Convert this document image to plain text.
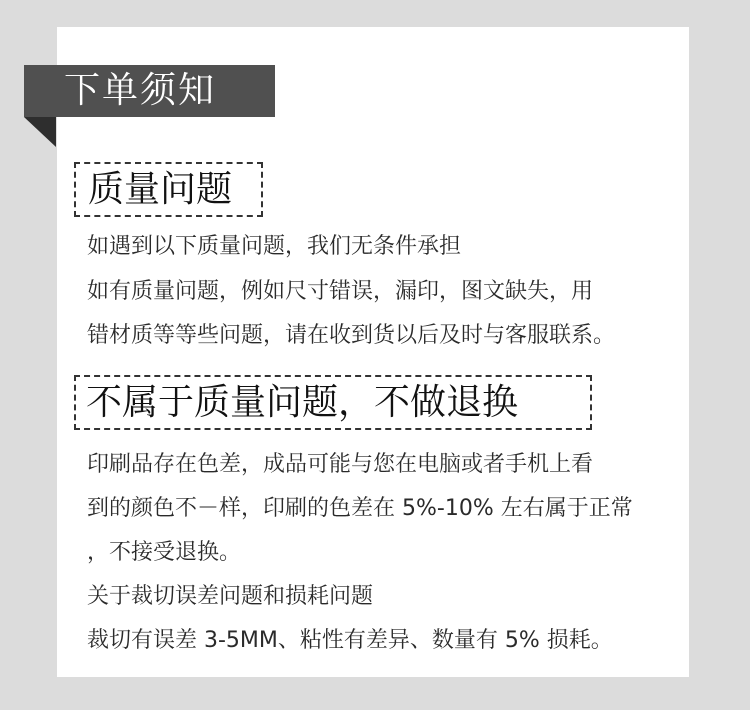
下单须知
质量问题
如遇到以下质量问题，我们无条件承担
如有质量问题，例如尺寸错误，漏印，图文缺失，用
错材质等等些问题，请在收到货以后及时与客服联系。
不属于质量问题，不做退换
印刷品存在色差，成品可能与您在电脑或者手机上看
到的颜色不－样，印刷的色差在 5%-10% 左右属于正常
，不接受退换。
关于裁切误差问题和损耗问题
裁切有误差 3-5MM、粘性有差异、数量有 5% 损耗。
